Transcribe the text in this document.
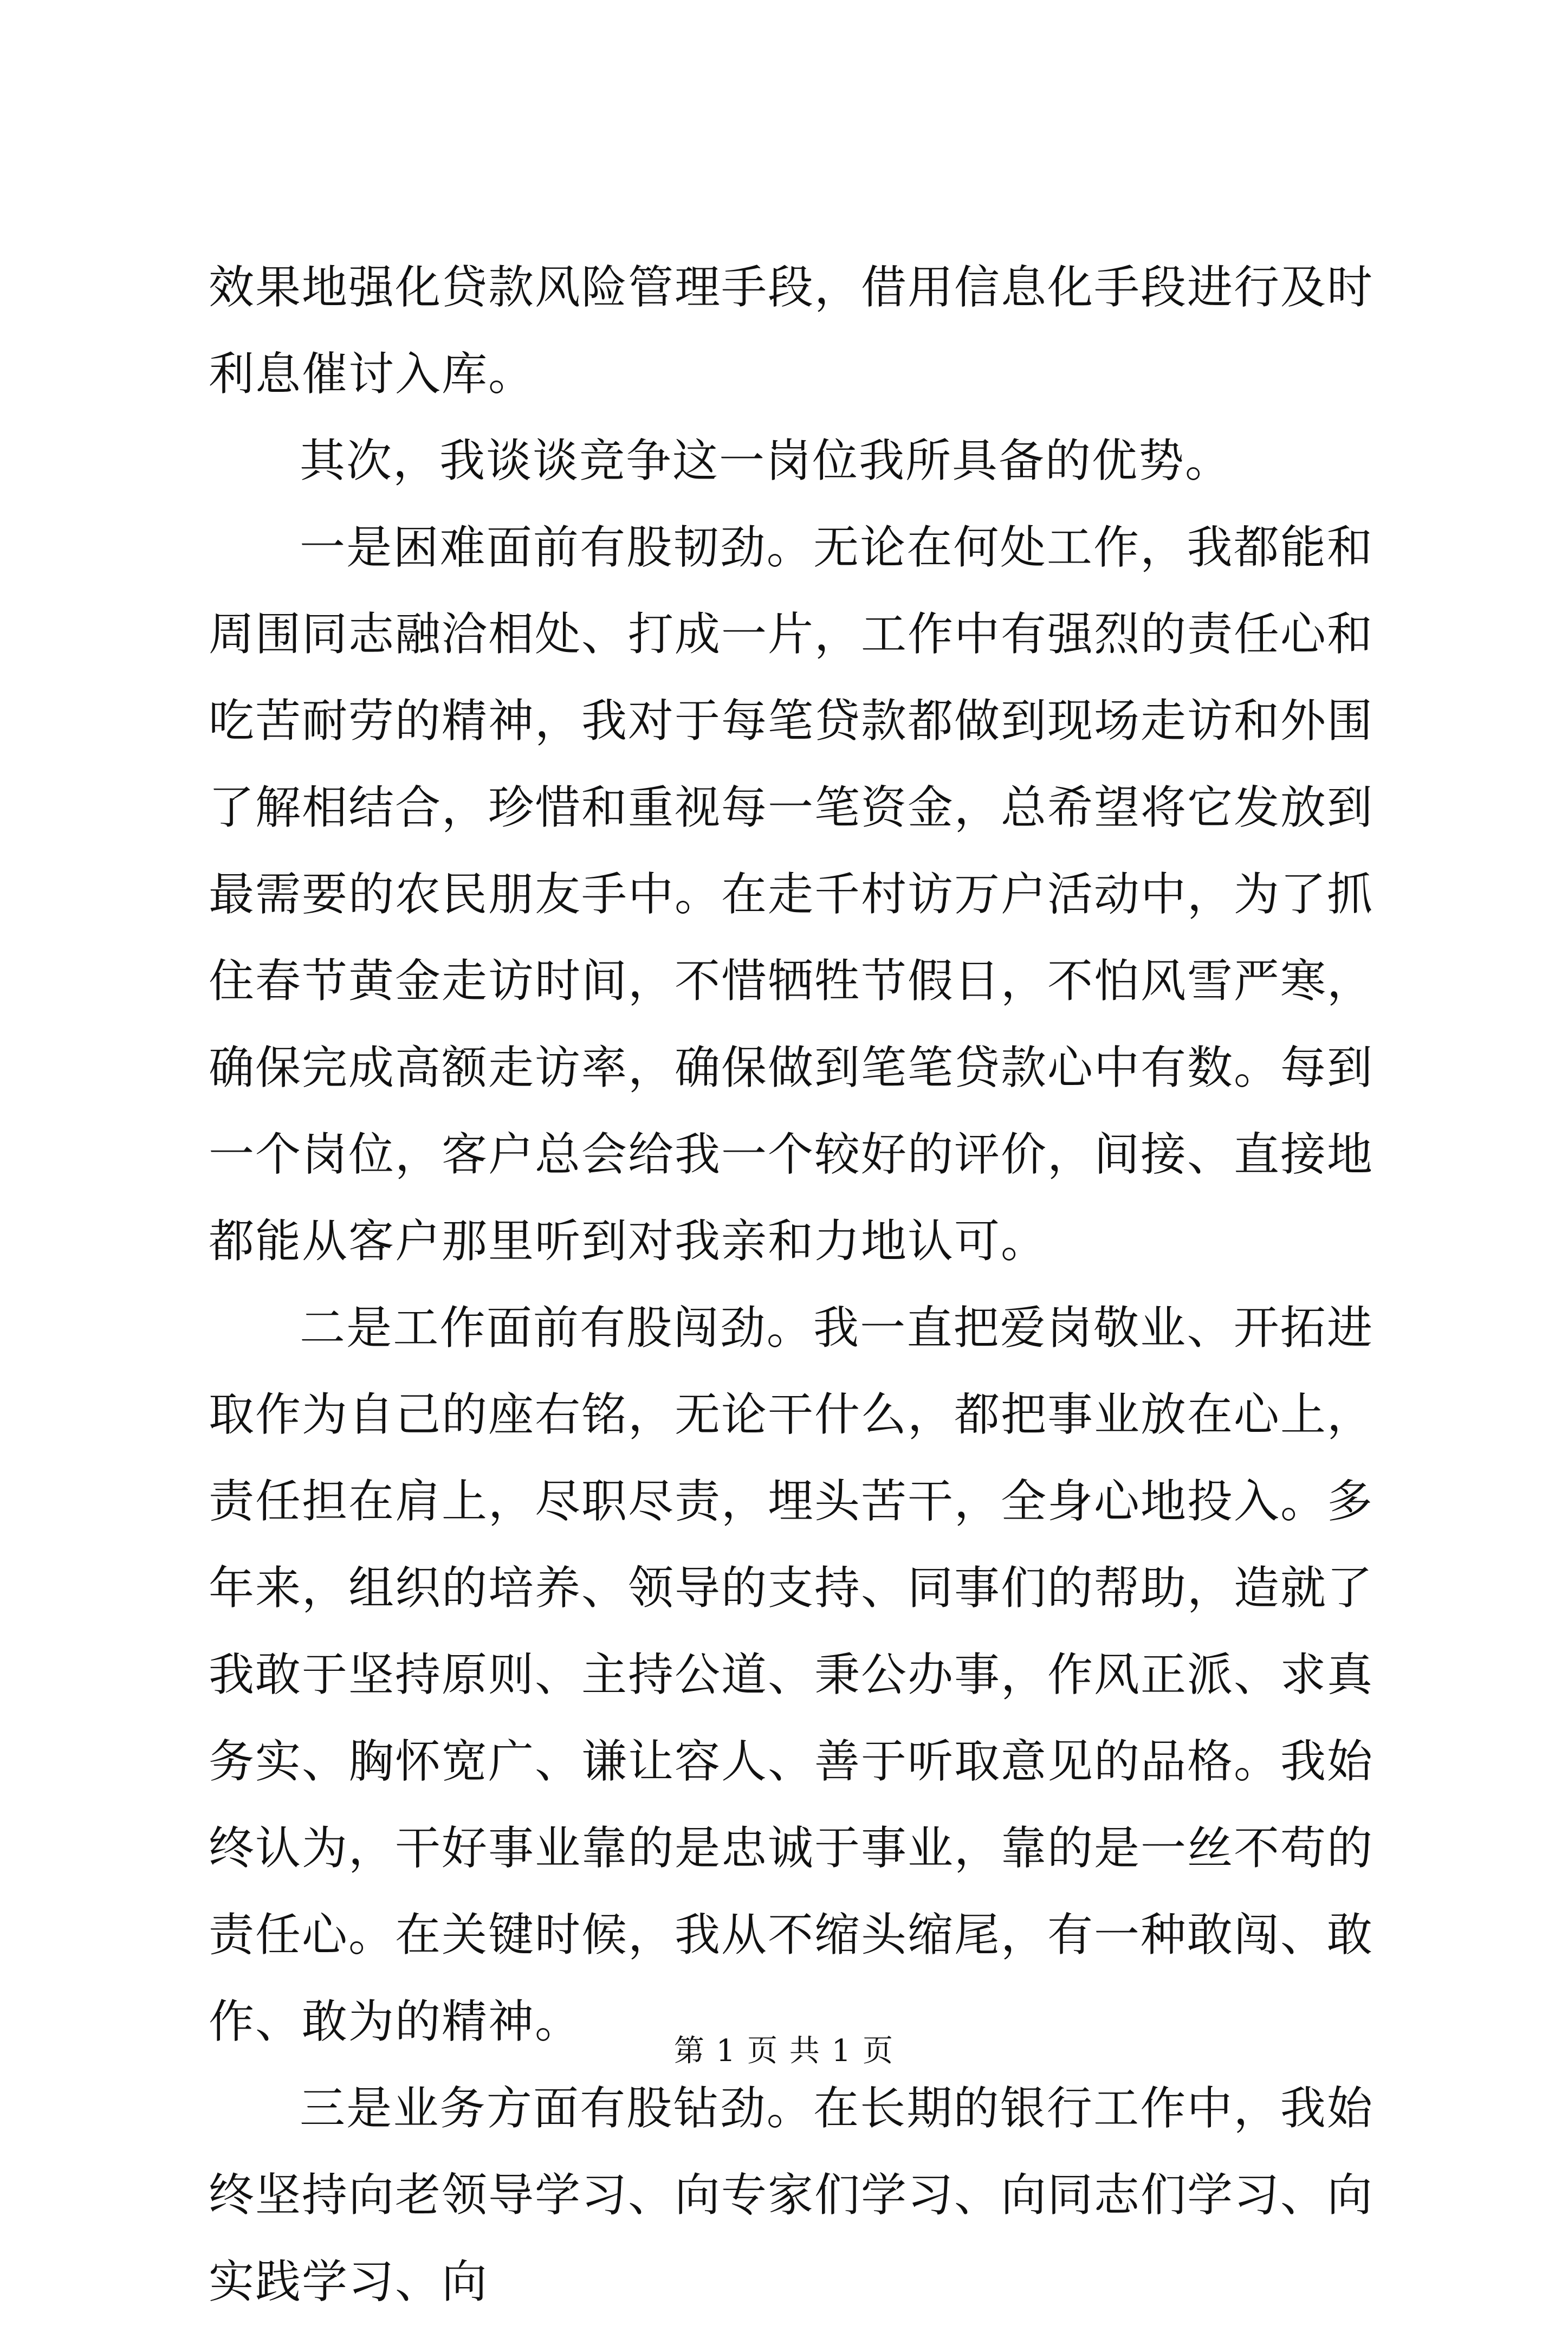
效果地强化贷款风险管理手段，借用信息化手段进行及时利息催讨入库。

其次，我谈谈竞争这一岗位我所具备的优势。

一是困难面前有股韧劲。无论在何处工作，我都能和周围同志融洽相处、打成一片，工作中有强烈的责任心和吃苦耐劳的精神，我对于每笔贷款都做到现场走访和外围了解相结合，珍惜和重视每一笔资金，总希望将它发放到最需要的农民朋友手中。在走千村访万户活动中，为了抓住春节黄金走访时间，不惜牺牲节假日，不怕风雪严寒，确保完成高额走访率，确保做到笔笔贷款心中有数。每到一个岗位，客户总会给我一个较好的评价，间接、直接地都能从客户那里听到对我亲和力地认可。

二是工作面前有股闯劲。我一直把爱岗敬业、开拓进取作为自己的座右铭，无论干什么，都把事业放在心上，责任担在肩上，尽职尽责，埋头苦干，全身心地投入。多年来，组织的培养、领导的支持、同事们的帮助，造就了我敢于坚持原则、主持公道、秉公办事，作风正派、求真务实、胸怀宽广、谦让容人、善于听取意见的品格。我始终认为，干好事业靠的是忠诚于事业，靠的是一丝不苟的责任心。在关键时候，我从不缩头缩尾，有一种敢闯、敢作、敢为的精神。

三是业务方面有股钻劲。在长期的银行工作中，我始终坚持向老领导学习、向专家们学习、向同志们学习、向实践学习、向

第 1 页 共 1 页
